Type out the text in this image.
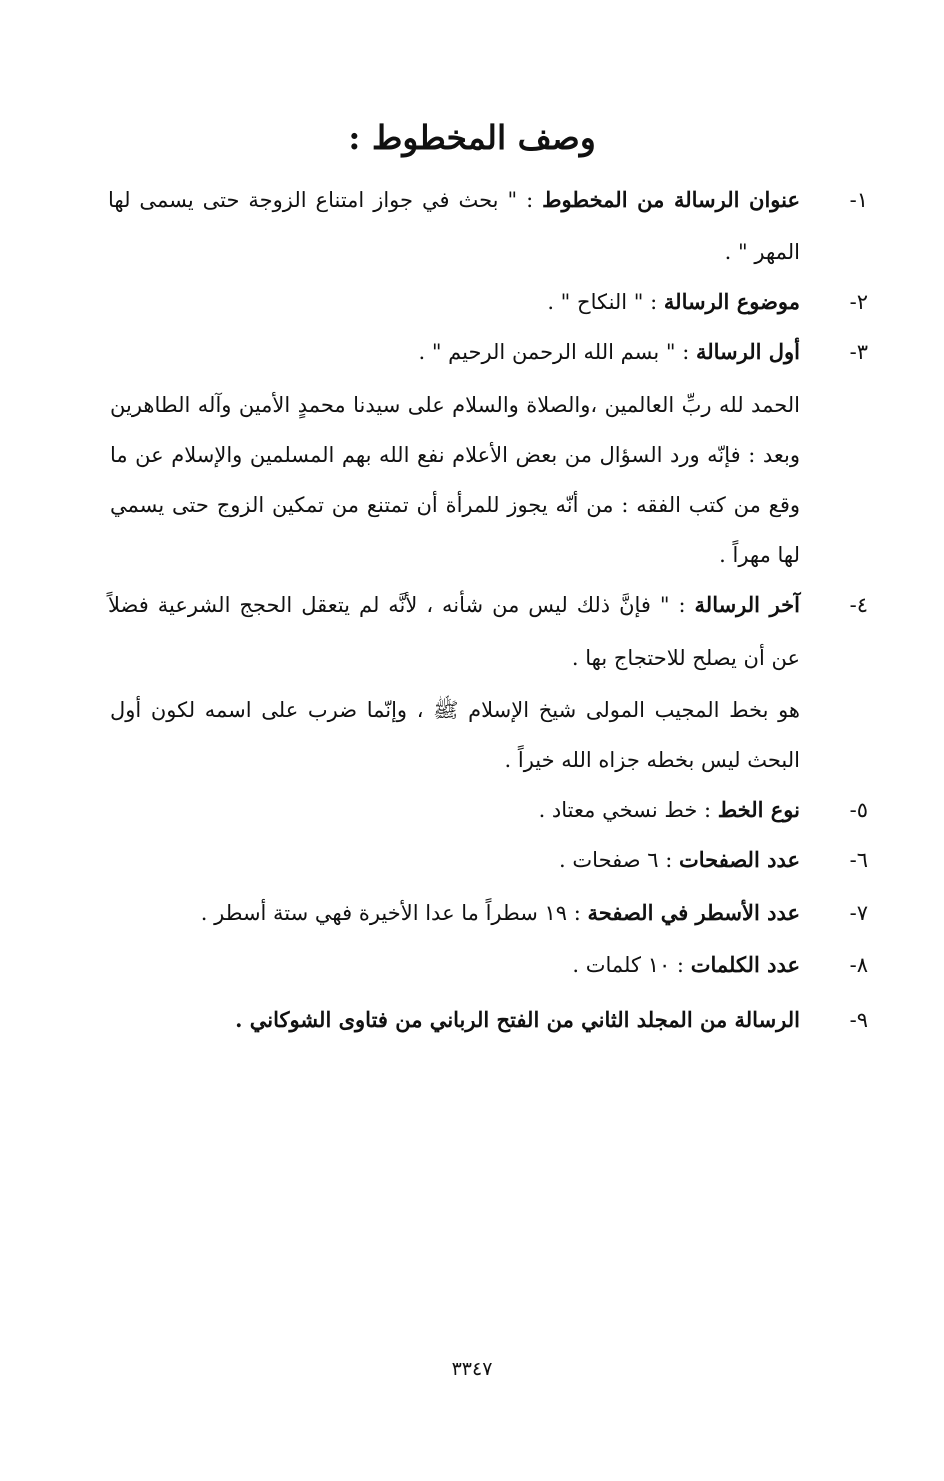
وصف المخطوط :
١-
عنوان الرسالة من المخطوط : " بحث في جواز امتناع الزوجة حتى يسمى لها
المهر " .
٢-
موضوع الرسالة : " النكاح " .
٣-
أول الرسالة : " بسم الله الرحمن الرحيم " .
الحمد لله ربِّ العالمين ،والصلاة والسلام على سيدنا محمدٍ الأمين وآله الطاهرين
وبعد : فإنّه ورد السؤال من بعض الأعلام نفع الله بهم المسلمين والإسلام عن ما
وقع من كتب الفقه : من أنّه يجوز للمرأة أن تمتنع من تمكين الزوج حتى يسمي
لها مهراً .
٤-
آخر الرسالة : " فإنَّ ذلك ليس من شأنه ، لأنَّه لم يتعقل الحجج الشرعية فضلاً
عن أن يصلح للاحتجاج بها .
هو بخط المجيب المولى شيخ الإسلام ﷺ ، وإنّما ضرب على اسمه لكون أول
البحث ليس بخطه جزاه الله خيراً .
٥-
نوع الخط : خط نسخي معتاد .
٦-
عدد الصفحات : ٦ صفحات .
٧-
عدد الأسطر في الصفحة : ١٩ سطراً ما عدا الأخيرة فهي ستة أسطر .
٨-
عدد الكلمات : ١٠ كلمات .
٩-
الرسالة من المجلد الثاني من الفتح الرباني من فتاوى الشوكاني .
٣٣٤٧
